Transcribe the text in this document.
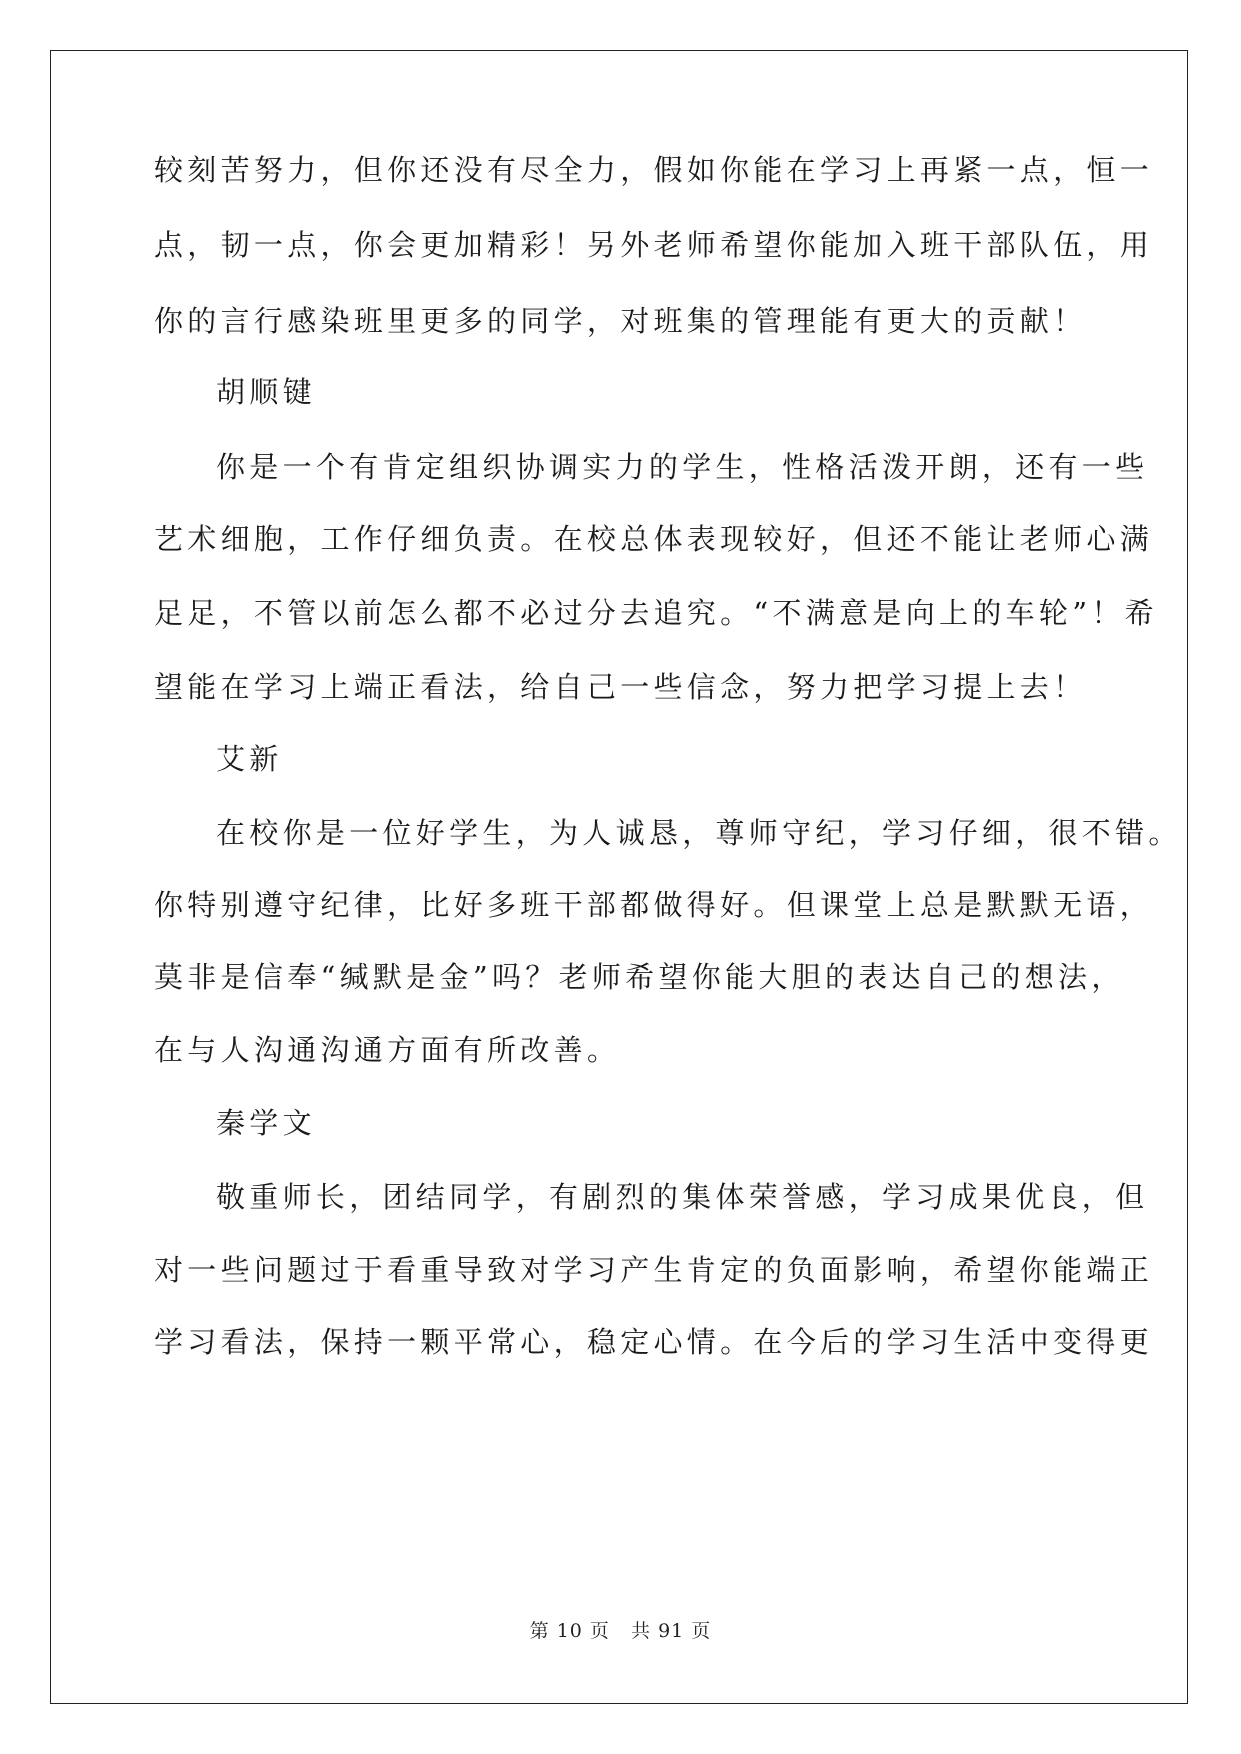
较刻苦努力，但你还没有尽全力，假如你能在学习上再紧一点，恒一
点，韧一点，你会更加精彩！另外老师希望你能加入班干部队伍，用
你的言行感染班里更多的同学，对班集的管理能有更大的贡献！
胡顺键
你是一个有肯定组织协调实力的学生，性格活泼开朗，还有一些
艺术细胞，工作仔细负责。在校总体表现较好，但还不能让老师心满
足足，不管以前怎么都不必过分去追究。“不满意是向上的车轮”！希
望能在学习上端正看法，给自己一些信念，努力把学习提上去！
艾新
在校你是一位好学生，为人诚恳，尊师守纪，学习仔细，很不错。
你特别遵守纪律，比好多班干部都做得好。但课堂上总是默默无语，
莫非是信奉“缄默是金”吗？老师希望你能大胆的表达自己的想法，
在与人沟通沟通方面有所改善。
秦学文
敬重师长，团结同学，有剧烈的集体荣誉感，学习成果优良，但
对一些问题过于看重导致对学习产生肯定的负面影响，希望你能端正
学习看法，保持一颗平常心，稳定心情。在今后的学习生活中变得更
第 10 页   共 91 页
